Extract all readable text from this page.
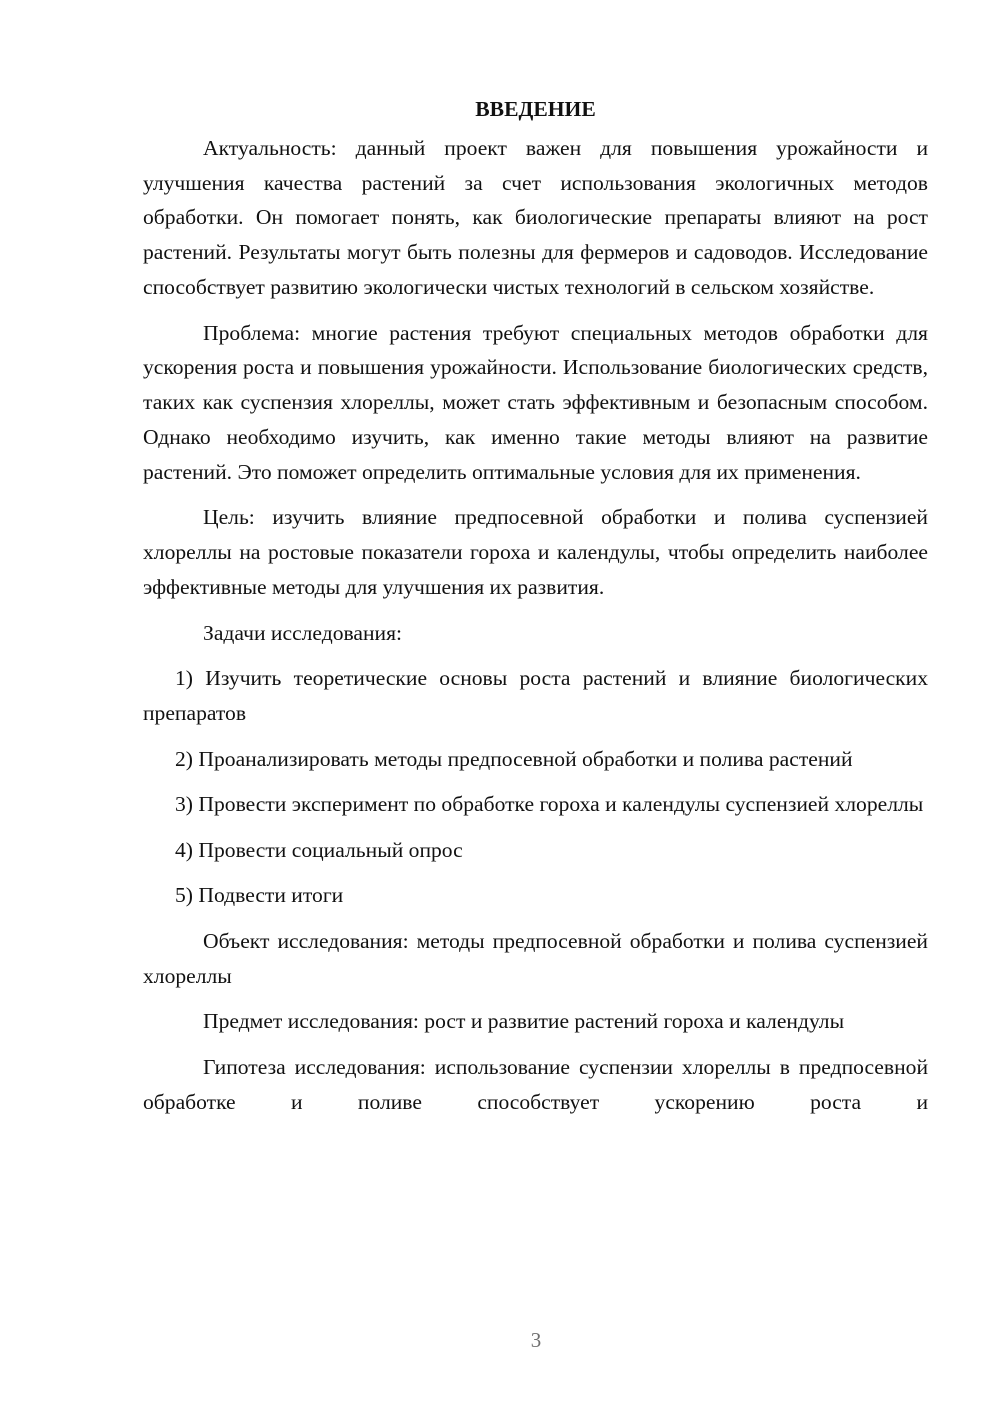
ВВЕДЕНИЕ

Актуальность: данный проект важен для повышения урожайности и улучшения качества растений за счет использования экологичных методов обработки. Он помогает понять, как биологические препараты влияют на рост растений. Результаты могут быть полезны для фермеров и садоводов. Исследование способствует развитию экологически чистых технологий в сельском хозяйстве.

Проблема: многие растения требуют специальных методов обработки для ускорения роста и повышения урожайности. Использование биологических средств, таких как суспензия хлореллы, может стать эффективным и безопасным способом. Однако необходимо изучить, как именно такие методы влияют на развитие растений. Это поможет определить оптимальные условия для их применения.

Цель: изучить влияние предпосевной обработки и полива суспензией хлореллы на ростовые показатели гороха и календулы, чтобы определить наиболее эффективные методы для улучшения их развития.

Задачи исследования:

1) Изучить теоретические основы роста растений и влияние биологических препаратов

2) Проанализировать методы предпосевной обработки и полива растений

3) Провести эксперимент по обработке гороха и календулы суспензией хлореллы

4) Провести социальный опрос

5) Подвести итоги

Объект исследования: методы предпосевной обработки и полива суспензией хлореллы

Предмет исследования: рост и развитие растений гороха и календулы

Гипотеза исследования: использование суспензии хлореллы в предпосевной обработке и поливе способствует ускорению роста и

3
